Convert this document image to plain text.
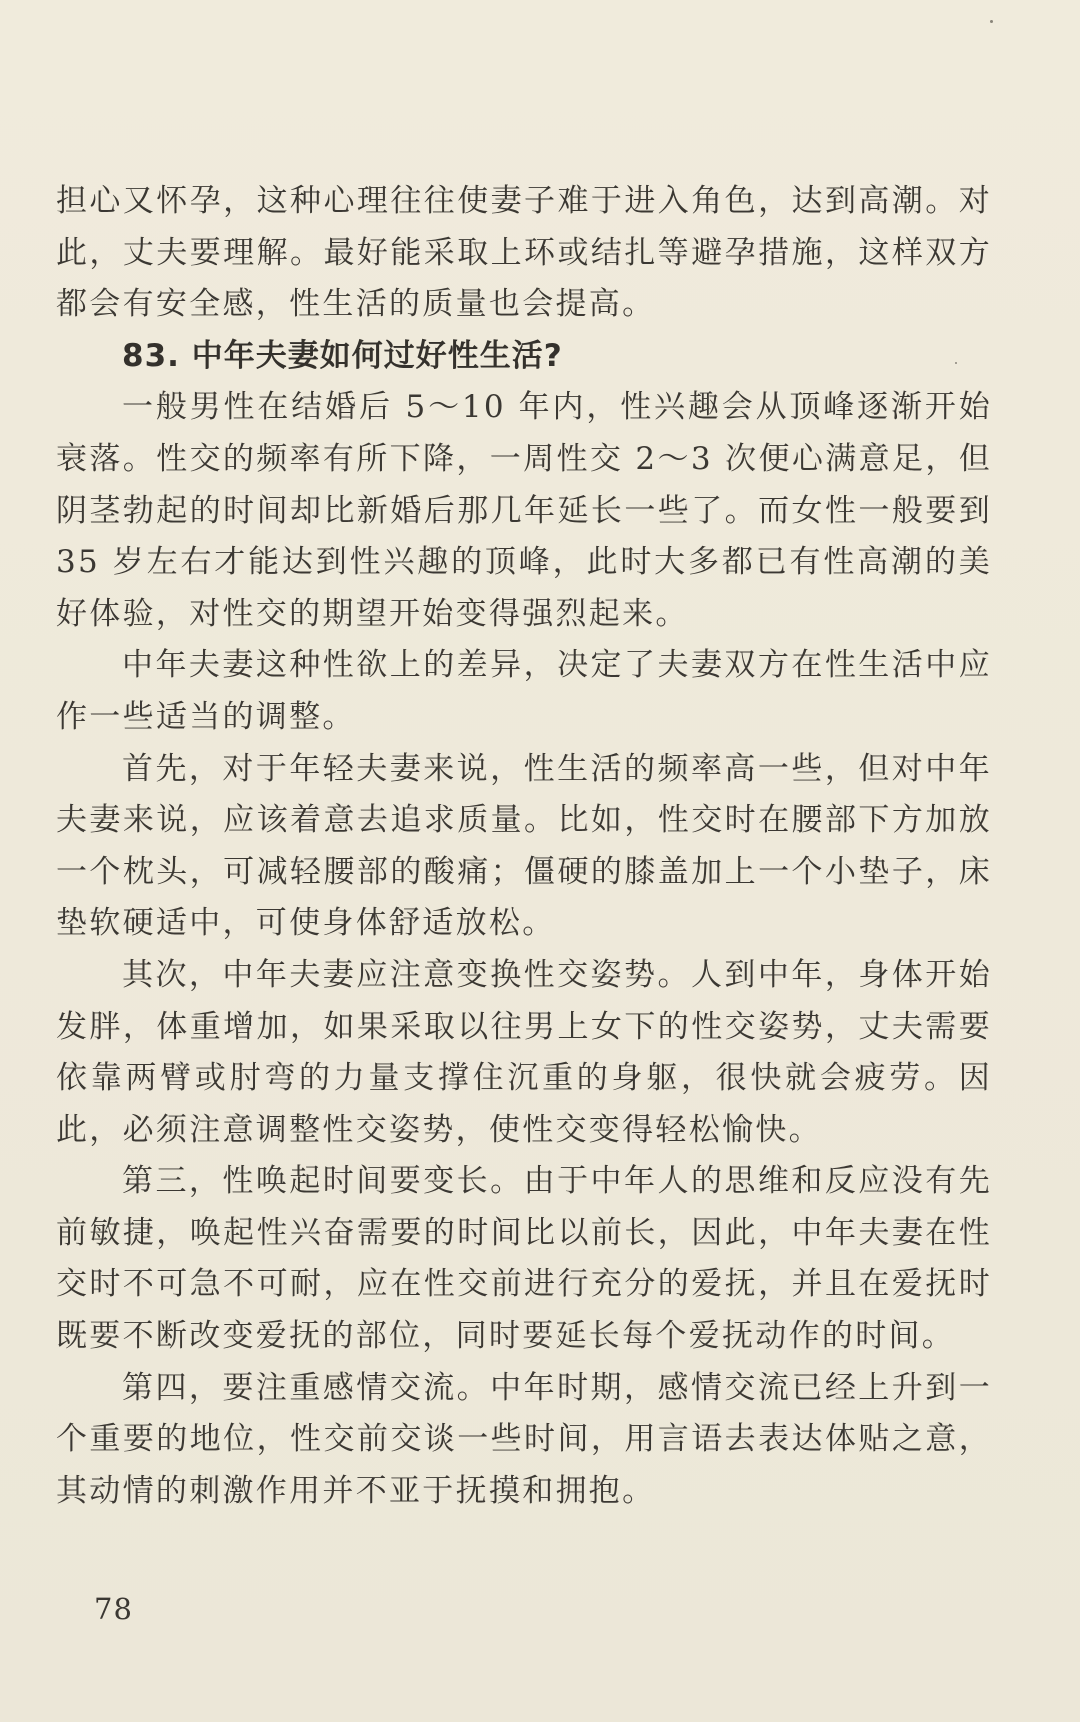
担心又怀孕，这种心理往往使妻子难于进入角色，达到高潮。对此，丈夫要理解。最好能采取上环或结扎等避孕措施，这样双方都会有安全感，性生活的质量也会提高。

83. 中年夫妻如何过好性生活?

一般男性在结婚后 5～10 年内，性兴趣会从顶峰逐渐开始衰落。性交的频率有所下降，一周性交 2～3 次便心满意足，但阴茎勃起的时间却比新婚后那几年延长一些了。而女性一般要到 35 岁左右才能达到性兴趣的顶峰，此时大多都已有性高潮的美好体验，对性交的期望开始变得强烈起来。

中年夫妻这种性欲上的差异，决定了夫妻双方在性生活中应作一些适当的调整。

首先，对于年轻夫妻来说，性生活的频率高一些，但对中年夫妻来说，应该着意去追求质量。比如，性交时在腰部下方加放一个枕头，可减轻腰部的酸痛；僵硬的膝盖加上一个小垫子，床垫软硬适中，可使身体舒适放松。

其次，中年夫妻应注意变换性交姿势。人到中年，身体开始发胖，体重增加，如果采取以往男上女下的性交姿势，丈夫需要依靠两臂或肘弯的力量支撑住沉重的身躯，很快就会疲劳。因此，必须注意调整性交姿势，使性交变得轻松愉快。

第三，性唤起时间要变长。由于中年人的思维和反应没有先前敏捷，唤起性兴奋需要的时间比以前长，因此，中年夫妻在性交时不可急不可耐，应在性交前进行充分的爱抚，并且在爱抚时既要不断改变爱抚的部位，同时要延长每个爱抚动作的时间。

第四，要注重感情交流。中年时期，感情交流已经上升到一个重要的地位，性交前交谈一些时间，用言语去表达体贴之意，其动情的刺激作用并不亚于抚摸和拥抱。

78
